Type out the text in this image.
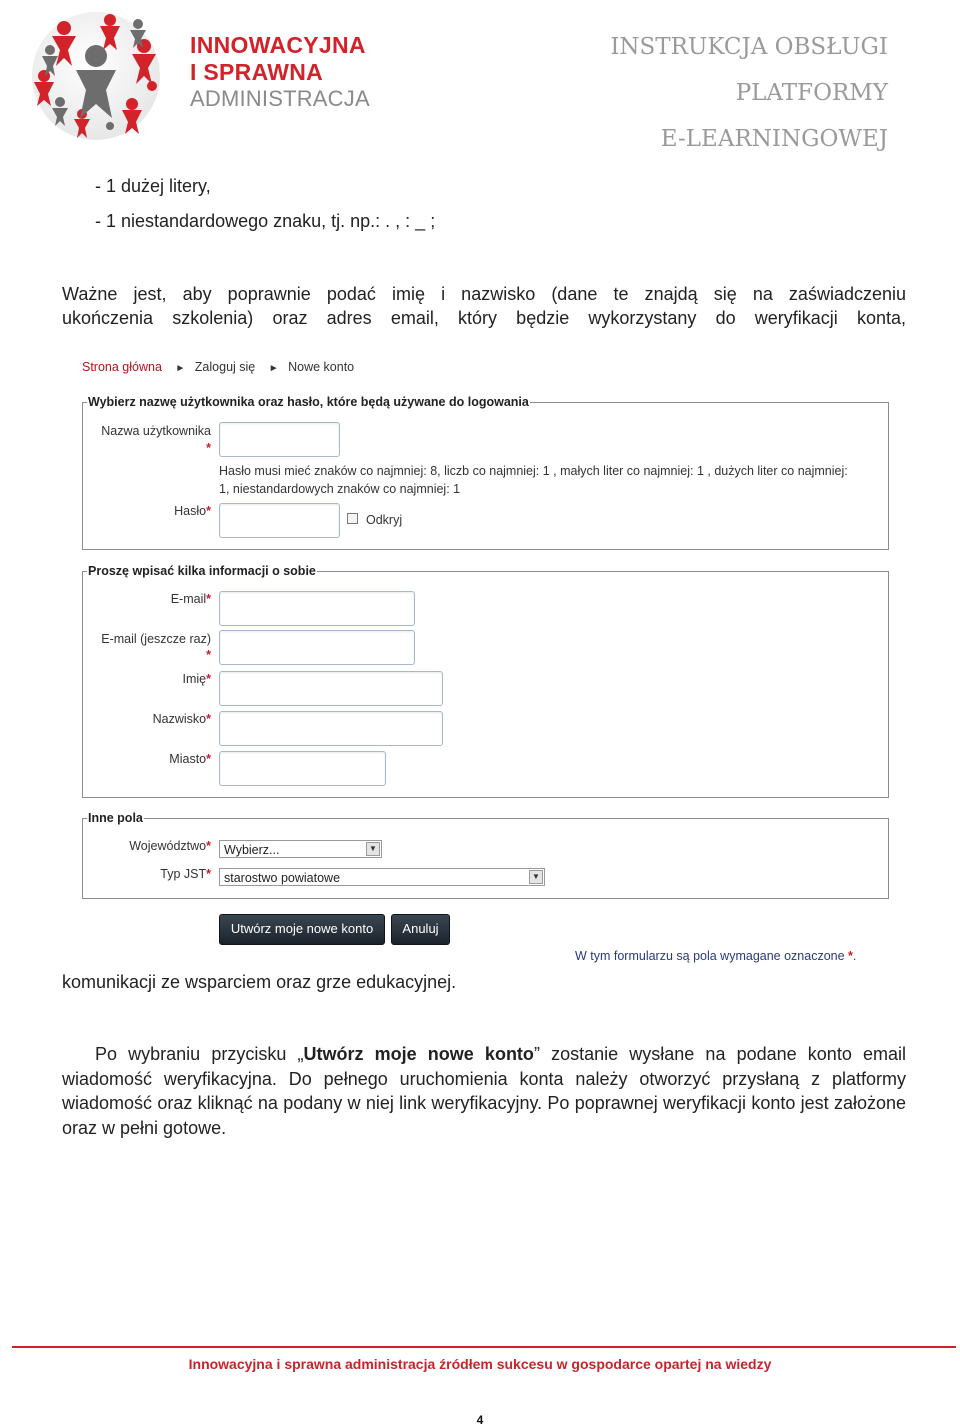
INNOWACYJNA
I SPRAWNA
ADMINISTRACJA
INSTRUKCJA OBSŁUGI
PLATFORMY
E-LEARNINGOWEJ
- 1 dużej litery,
- 1 niestandardowego znaku, tj. np.: . , : _ ;
Ważne jest, aby poprawnie podać imię i nazwisko (dane te znajdą się na zaświadczeniu
ukończenia szkolenia) oraz adres email, który będzie wykorzystany do weryfikacji konta,
Strona główna ► Zaloguj się ► Nowe konto
Wybierz nazwę użytkownika oraz hasło, które będą używane do logowania
Nazwa użytkownika
*
Hasło musi mieć znaków co najmniej: 8, liczb co najmniej: 1 , małych liter co najmniej: 1 , dużych liter co najmniej: 1, niestandardowych znaków co najmniej: 1
Hasło*
Odkryj
Proszę wpisać kilka informacji o sobie
E-mail*
E-mail (jeszcze raz)
*
Imię*
Nazwisko*
Miasto*
Inne pola
Województwo* Wybierz...	▼
Typ JST* starostwo powiatowe	▼
Utwórz moje nowe konto	Anuluj
W tym formularzu są pola wymagane oznaczone *.
komunikacji ze wsparciem oraz grze edukacyjnej.
Po wybraniu przycisku „Utwórz moje nowe konto” zostanie wysłane na podane konto email wiadomość weryfikacyjna. Do pełnego uruchomienia konta należy otworzyć przysłaną z platformy wiadomość oraz kliknąć na podany w niej link weryfikacyjny. Po poprawnej weryfikacji konto jest założone oraz w pełni gotowe.
Innowacyjna i sprawna administracja źródłem sukcesu w gospodarce opartej na wiedzy
4
